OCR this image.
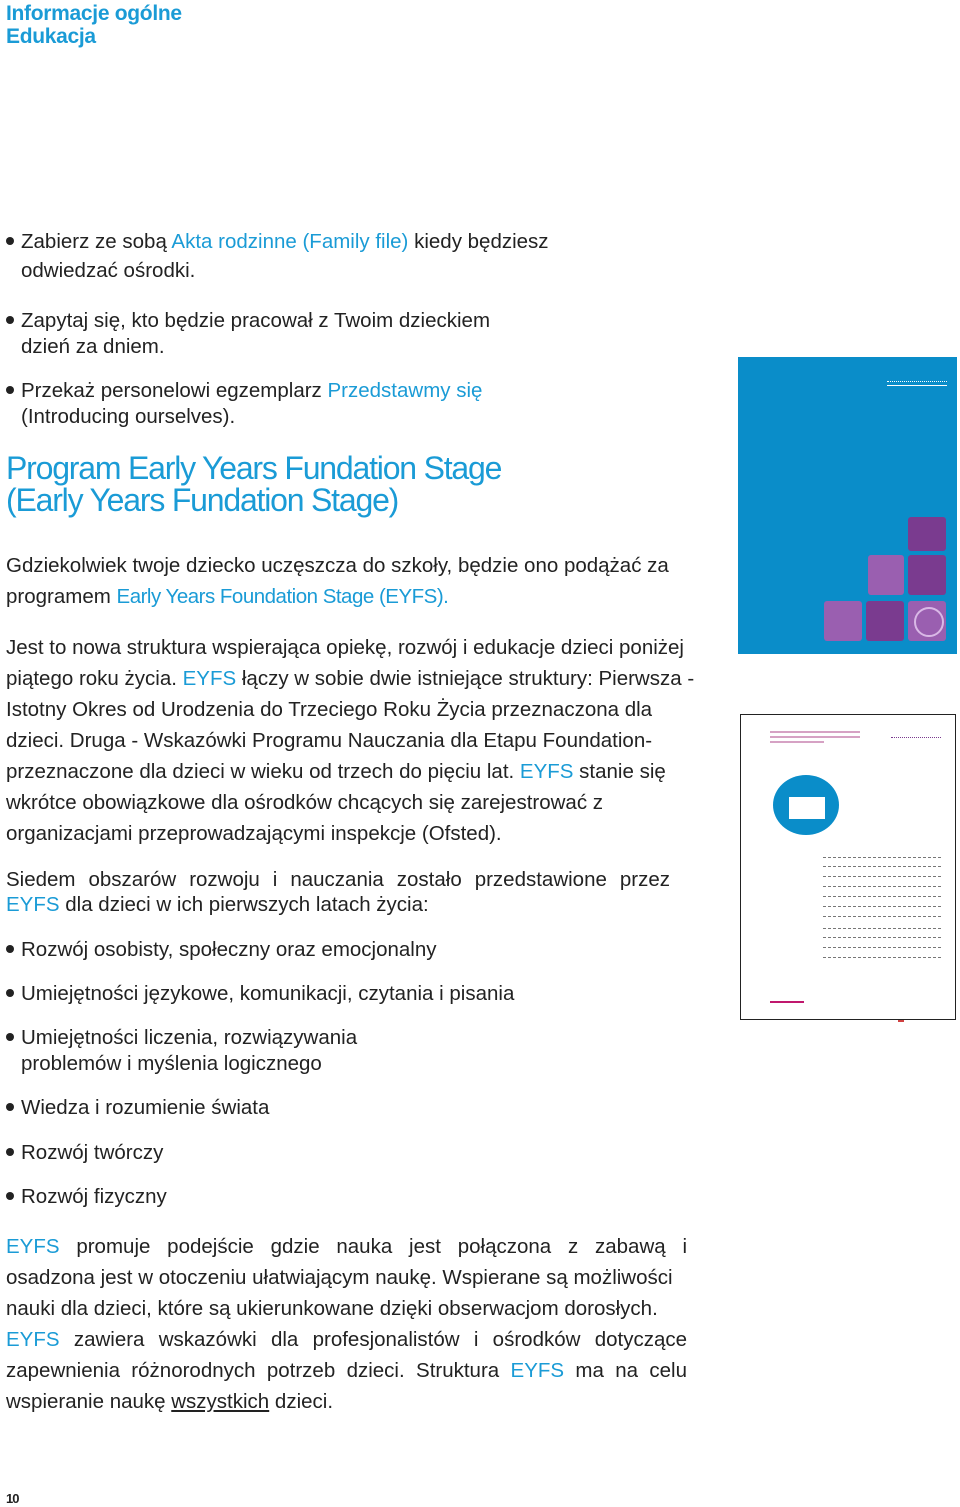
Informacje ogólne
Edukacja
Zabierz ze sobą Akta rodzinne (Family file) kiedy będziesz
odwiedzać ośrodki.
Zapytaj się, kto będzie pracował z Twoim dzieckiem
dzień za dniem.
Przekaż personelowi egzemplarz Przedstawmy się
(Introducing ourselves).
Program Early Years Fundation Stage
(Early Years Fundation Stage)
Gdziekolwiek twoje dziecko uczęszcza do szkoły, będzie ono podążać za
programem Early Years Foundation Stage (EYFS).
Jest to nowa struktura wspierająca opiekę, rozwój i edukacje dzieci poniżej
piątego roku życia. EYFS łączy w sobie dwie istniejące struktury: Pierwsza -
Istotny Okres od Urodzenia do Trzeciego Roku Życia przeznaczona dla
dzieci. Druga - Wskazówki Programu Nauczania dla Etapu Foundation-
przeznaczone dla dzieci w wieku od trzech do pięciu lat. EYFS stanie się
wkrótce obowiązkowe dla ośrodków chcących się zarejestrować z
organizacjami przeprowadzającymi inspekcje (Ofsted).
Siedem obszarów rozwoju i nauczania zostało przedstawione przez
EYFS dla dzieci w ich pierwszych latach życia:
Rozwój osobisty, społeczny oraz emocjonalny
Umiejętności językowe, komunikacji, czytania i pisania
Umiejętności liczenia, rozwiązywania
problemów i myślenia logicznego
Wiedza i rozumienie świata
Rozwój twórczy
Rozwój fizyczny
EYFS promuje podejście gdzie nauka jest połączona z zabawą i
osadzona jest w otoczeniu ułatwiającym naukę. Wspierane są możliwości
nauki dla dzieci, które są ukierunkowane dzięki obserwacjom dorosłych.
EYFS zawiera wskazówki dla profesjonalistów i ośrodków dotyczące
zapewnienia różnorodnych potrzeb dzieci. Struktura EYFS ma na celu
wspieranie naukę wszystkich dzieci.
10
